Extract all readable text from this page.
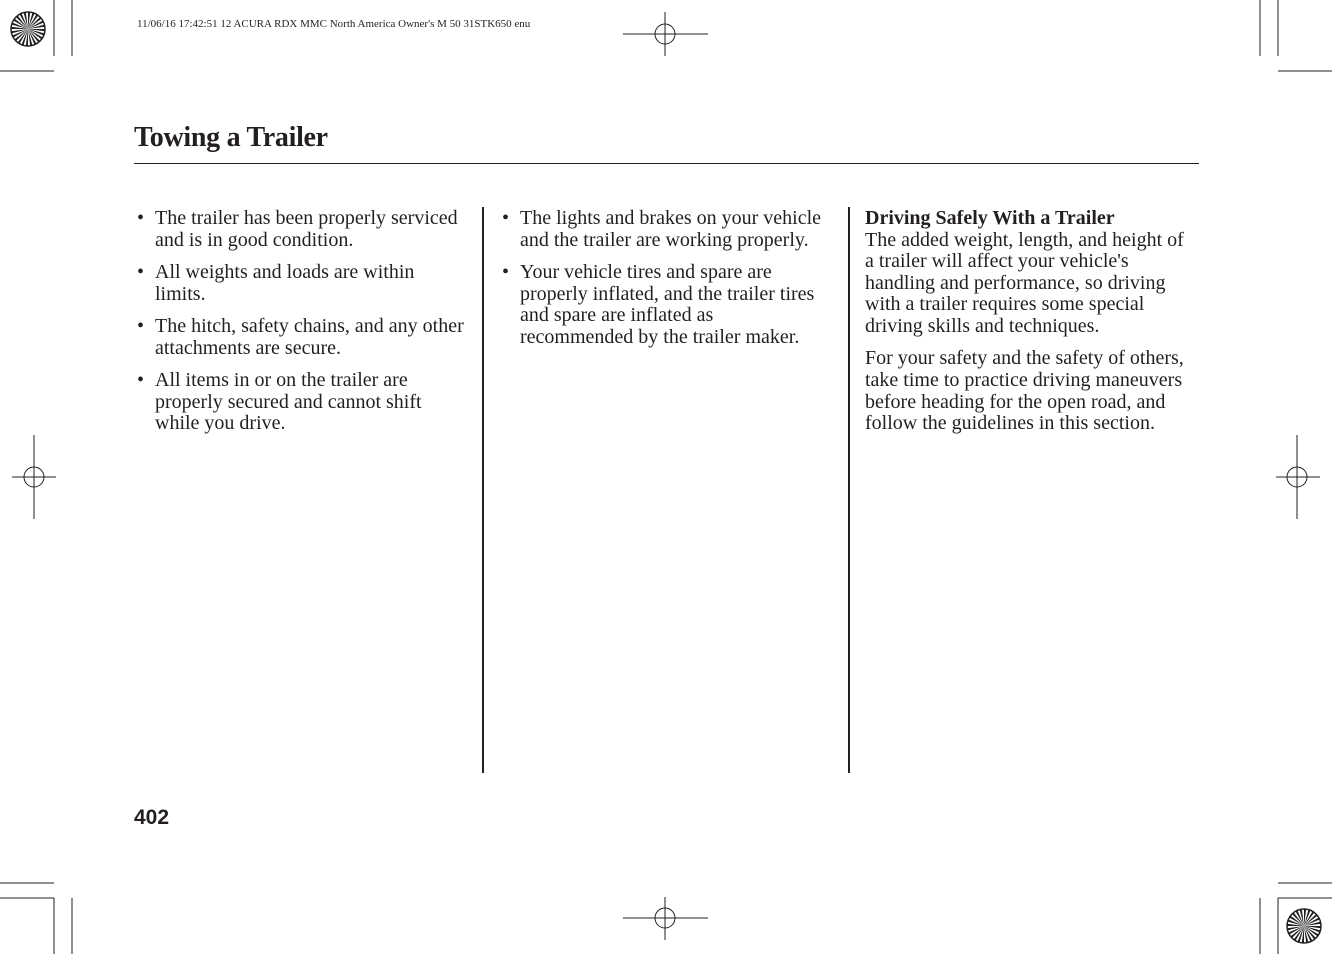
11/06/16 17:42:51 12 ACURA RDX MMC North America Owner's M 50 31STK650 enu
Towing a Trailer
• The trailer has been properly serviced and is in good condition.
• All weights and loads are within limits.
• The hitch, safety chains, and any other attachments are secure.
• All items in or on the trailer are properly secured and cannot shift while you drive.
• The lights and brakes on your vehicle and the trailer are working properly.
• Your vehicle tires and spare are properly inflated, and the trailer tires and spare are inflated as recommended by the trailer maker.
Driving Safely With a Trailer

The added weight, length, and height of a trailer will affect your vehicle's handling and performance, so driving with a trailer requires some special driving skills and techniques.

For your safety and the safety of others, take time to practice driving maneuvers before heading for the open road, and follow the guidelines in this section.

402
